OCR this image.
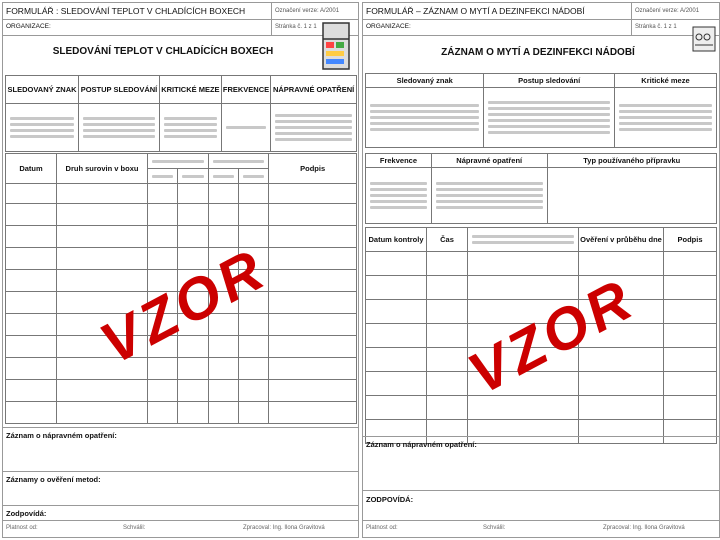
FORMULÁŘ : SLEDOVÁNÍ TEPLOT V CHLADÍCÍCH BOXECH	Označení verze: A/2001
ORGANIZACE:	Stránka č. 1 z 1
SLEDOVÁNÍ TEPLOT V CHLADÍCÍCH BOXECH
SLEDOVANÝ ZNAK	POSTUP SLEDOVÁNÍ	KRITICKÉ MEZE	FREKVENCE	NÁPRAVNÉ OPATŘENÍ

Datum	Druh surovin v boxu					Podpis

VZOR
Záznam o nápravném opatření:
Záznamy o ověření metod:
Zodpovídá:
Platnost od:	Schválil:	Zpracoval: Ing. Ilona Gravitová
FORMULÁŘ – ZÁZNAM O MYTÍ A DEZINFEKCI NÁDOBÍ	Označení verze: A/2001
ORGANIZACE:	Stránka č. 1 z 1
ZÁZNAM O MYTÍ A DEZINFEKCI NÁDOBÍ
Sledovaný znak	Postup sledování	Kritické meze

Frekvence	Nápravné opatření	Typ používaného přípravku

Datum kontroly	Čas		Ověření v průběhu dne	Podpis

VZOR
Záznam o nápravném opatření:
ZODPOVÍDÁ:
Platnost od:	Schválil:	Zpracoval: Ing. Ilona Gravitová
